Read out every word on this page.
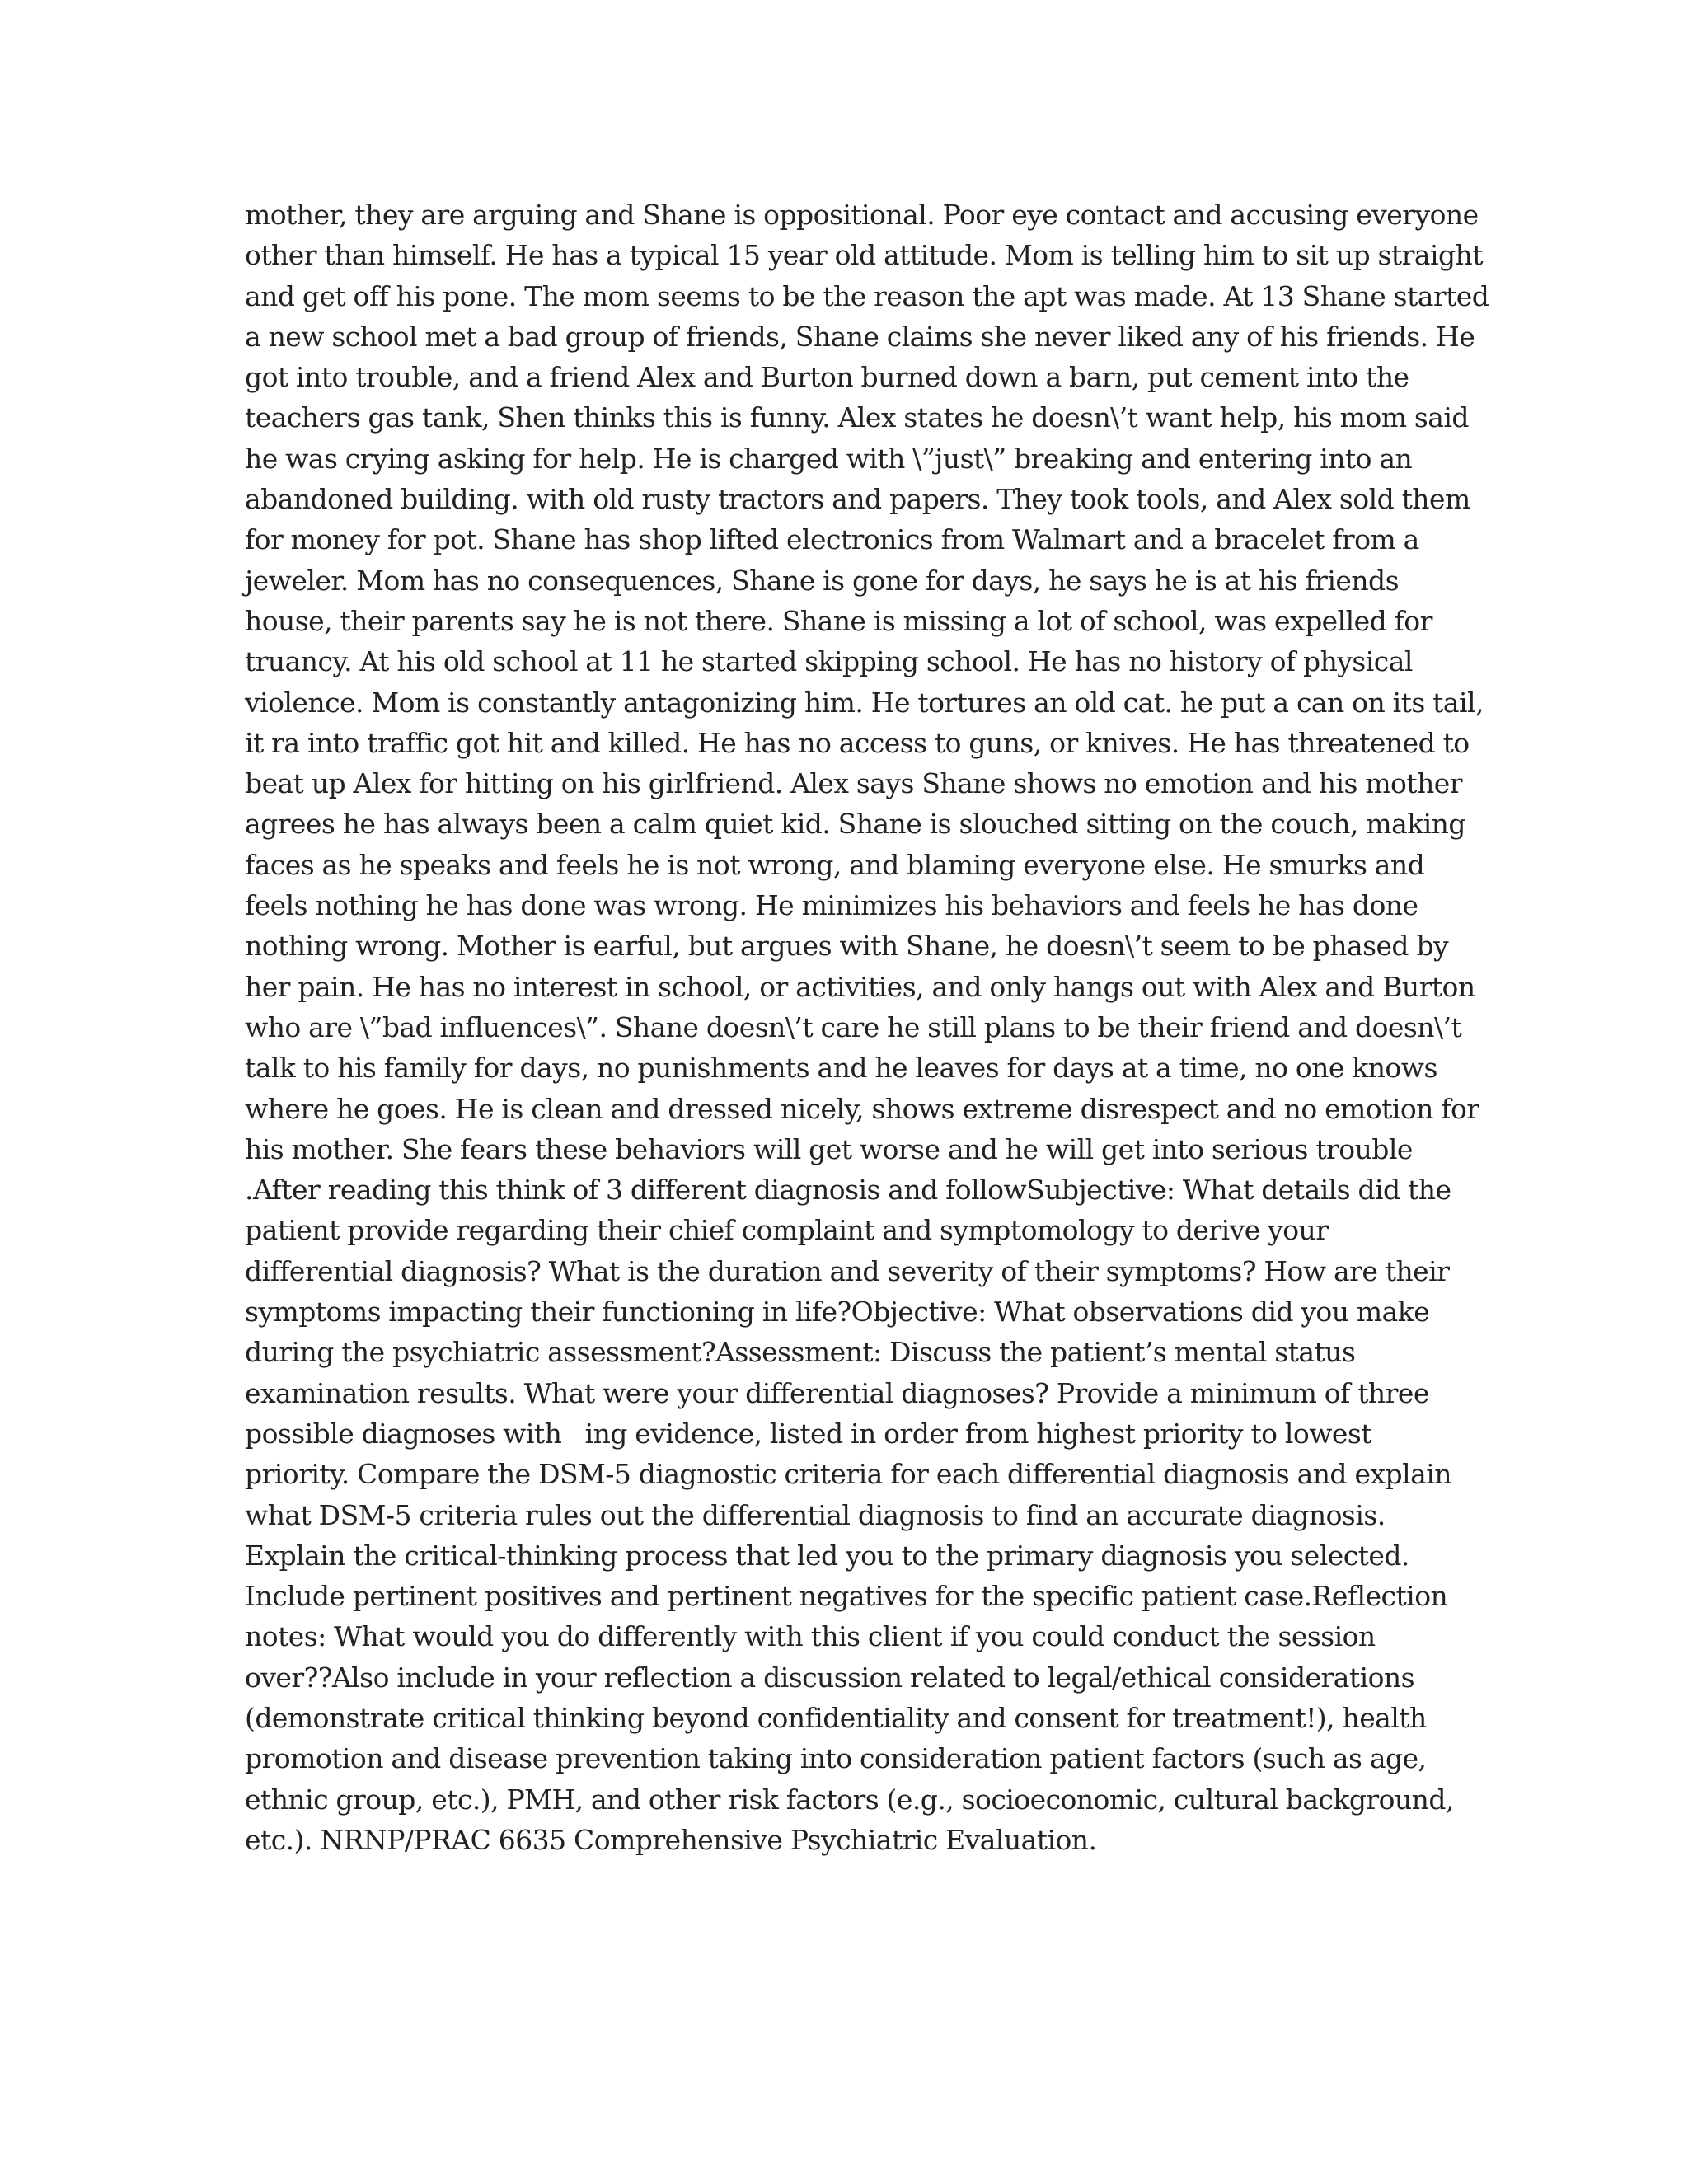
mother, they are arguing and Shane is oppositional. Poor eye contact and accusing everyone
other than himself. He has a typical 15 year old attitude. Mom is telling him to sit up straight
and get off his pone. The mom seems to be the reason the apt was made. At 13 Shane started
a new school met a bad group of friends, Shane claims she never liked any of his friends. He
got into trouble, and a friend Alex and Burton burned down a barn, put cement into the
teachers gas tank, Shen thinks this is funny. Alex states he doesn\’t want help, his mom said
he was crying asking for help. He is charged with \”just\” breaking and entering into an
abandoned building. with old rusty tractors and papers. They took tools, and Alex sold them
for money for pot. Shane has shop lifted electronics from Walmart and a bracelet from a
jeweler. Mom has no consequences, Shane is gone for days, he says he is at his friends
house, their parents say he is not there. Shane is missing a lot of school, was expelled for
truancy. At his old school at 11 he started skipping school. He has no history of physical
violence. Mom is constantly antagonizing him. He tortures an old cat. he put a can on its tail,
it ra into traffic got hit and killed. He has no access to guns, or knives. He has threatened to
beat up Alex for hitting on his girlfriend. Alex says Shane shows no emotion and his mother
agrees he has always been a calm quiet kid. Shane is slouched sitting on the couch, making
faces as he speaks and feels he is not wrong, and blaming everyone else. He smurks and
feels nothing he has done was wrong. He minimizes his behaviors and feels he has done
nothing wrong. Mother is earful, but argues with Shane, he doesn\’t seem to be phased by
her pain. He has no interest in school, or activities, and only hangs out with Alex and Burton
who are \”bad influences\”. Shane doesn\’t care he still plans to be their friend and doesn\’t
talk to his family for days, no punishments and he leaves for days at a time, no one knows
where he goes. He is clean and dressed nicely, shows extreme disrespect and no emotion for
his mother. She fears these behaviors will get worse and he will get into serious trouble
.After reading this think of 3 different diagnosis and followSubjective: What details did the
patient provide regarding their chief complaint and symptomology to derive your
differential diagnosis? What is the duration and severity of their symptoms? How are their
symptoms impacting their functioning in life?Objective: What observations did you make
during the psychiatric assessment?Assessment: Discuss the patient’s mental status
examination results. What were your differential diagnoses? Provide a minimum of three
possible diagnoses with   ing evidence, listed in order from highest priority to lowest
priority. Compare the DSM-5 diagnostic criteria for each differential diagnosis and explain
what DSM-5 criteria rules out the differential diagnosis to find an accurate diagnosis.
Explain the critical-thinking process that led you to the primary diagnosis you selected.
Include pertinent positives and pertinent negatives for the specific patient case.Reflection
notes: What would you do differently with this client if you could conduct the session
over??Also include in your reflection a discussion related to legal/ethical considerations
(demonstrate critical thinking beyond confidentiality and consent for treatment!), health
promotion and disease prevention taking into consideration patient factors (such as age,
ethnic group, etc.), PMH, and other risk factors (e.g., socioeconomic, cultural background,
etc.). NRNP/PRAC 6635 Comprehensive Psychiatric Evaluation.
